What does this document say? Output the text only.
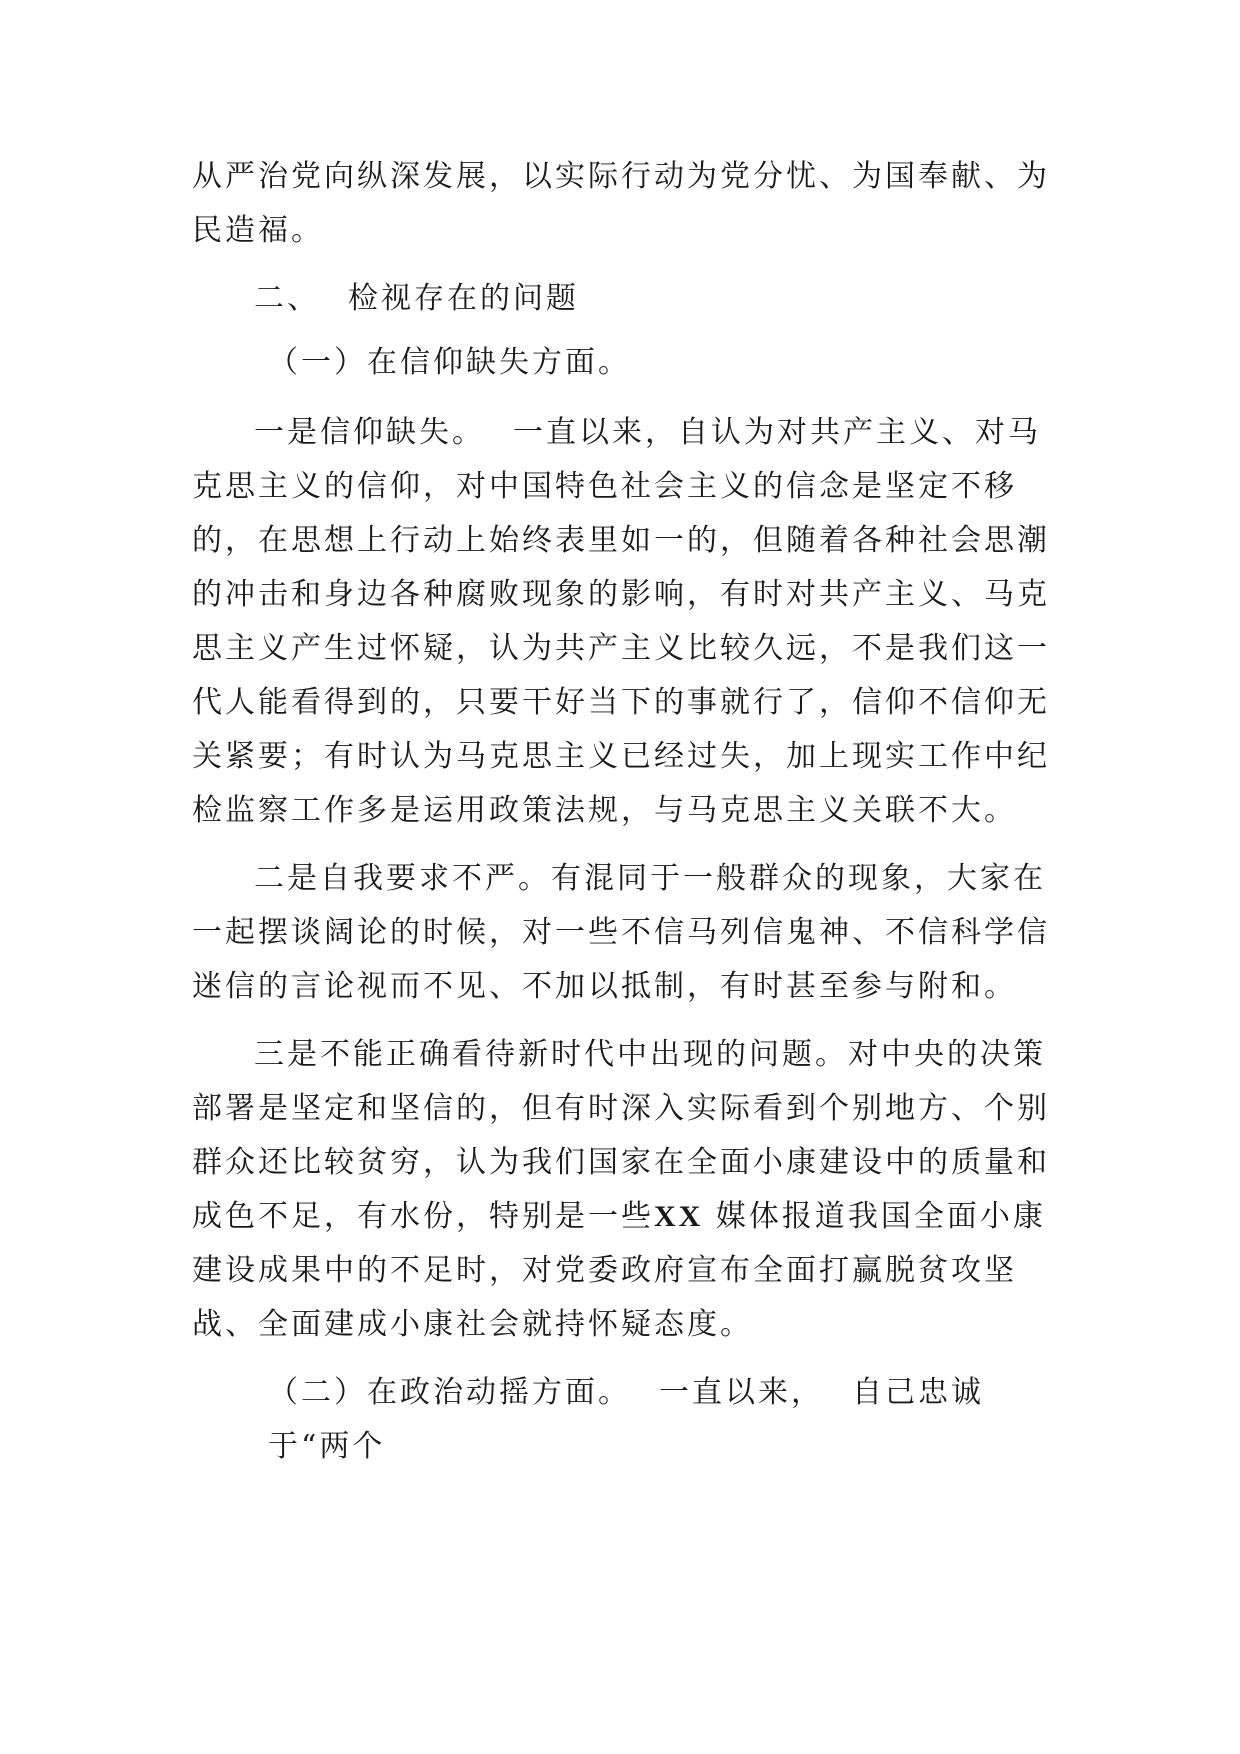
从严治党向纵深发展，以实际行动为党分忧、为国奉献、为民造福。

二、 检视存在的问题

（一）在信仰缺失方面。

一是信仰缺失。 一直以来，自认为对共产主义、对马克思主义的信仰，对中国特色社会主义的信念是坚定不移的，在思想上行动上始终表里如一的，但随着各种社会思潮的冲击和身边各种腐败现象的影响，有时对共产主义、马克思主义产生过怀疑，认为共产主义比较久远，不是我们这一代人能看得到的，只要干好当下的事就行了，信仰不信仰无关紧要；有时认为马克思主义已经过失，加上现实工作中纪检监察工作多是运用政策法规，与马克思主义关联不大。

二是自我要求不严。有混同于一般群众的现象，大家在一起摆谈阔论的时候，对一些不信马列信鬼神、不信科学信迷信的言论视而不见、不加以抵制，有时甚至参与附和。

三是不能正确看待新时代中出现的问题。对中央的决策部署是坚定和坚信的，但有时深入实际看到个别地方、个别群众还比较贫穷，认为我们国家在全面小康建设中的质量和成色不足，有水份，特别是一些XX 媒体报道我国全面小康建设成果中的不足时，对党委政府宣布全面打赢脱贫攻坚战、全面建成小康社会就持怀疑态度。

（二）在政治动摇方面。 一直以来， 自己忠诚于“两个
